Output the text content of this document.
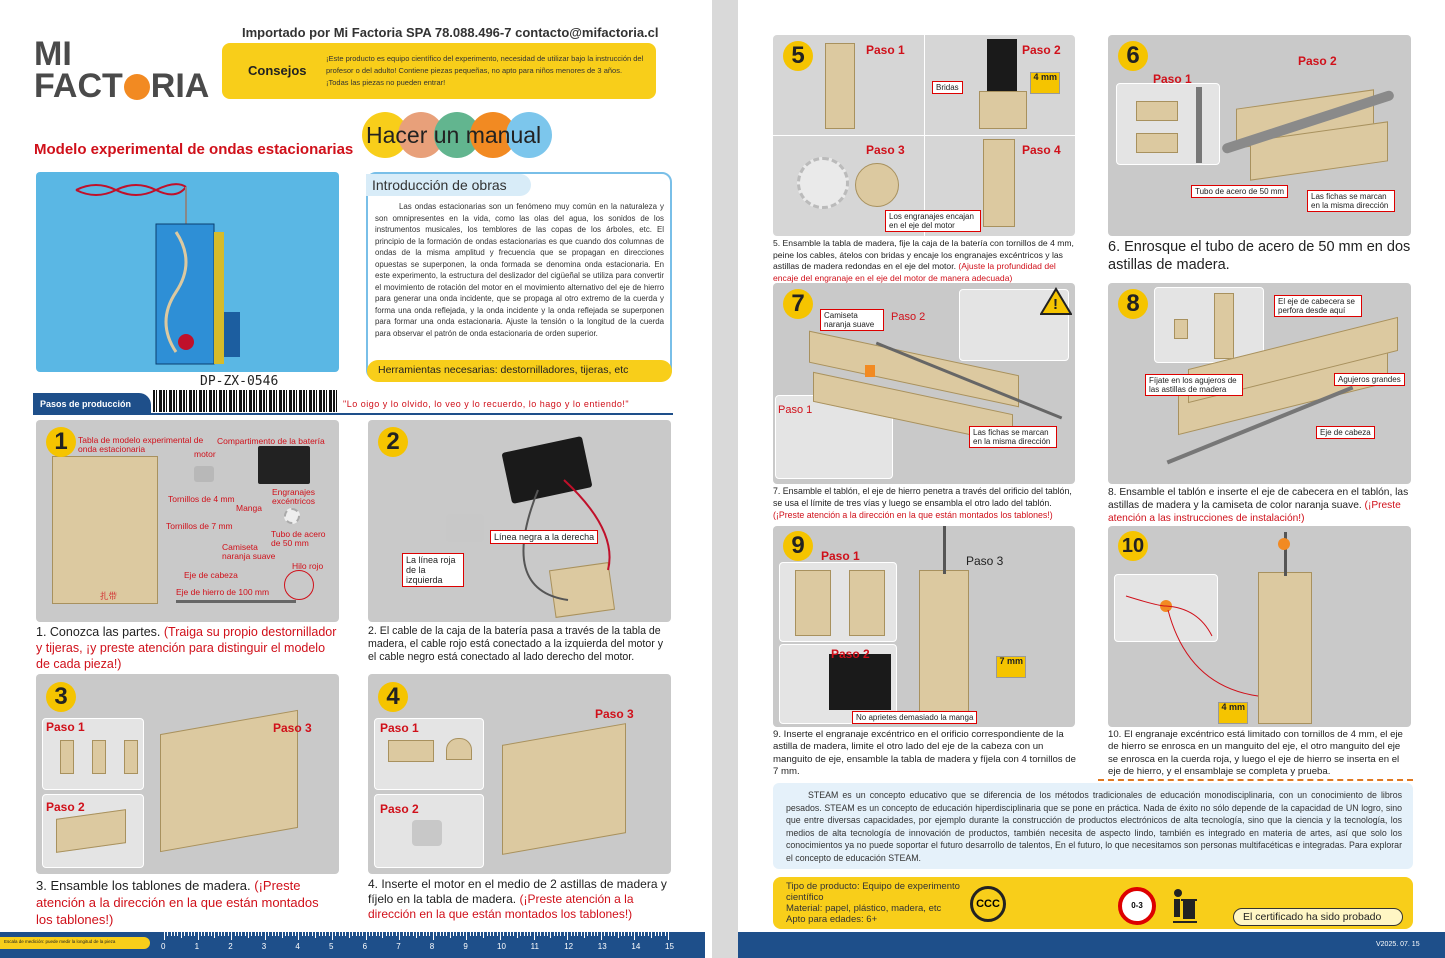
Importado por Mi Factoria SPA 78.088.496-7 contacto@mifactoria.cl
MI
FACT RIA	Consejos
¡Este producto es equipo científico del experimento, necesidad de utilizar bajo la instrucción del profesor o del adulto! Contiene piezas pequeñas, no apto para niños menores de 3 años. ¡Todas las piezas no pueden entrar!
Modelo experimental de ondas estacionarias
Hacer un manual
Introducción de obras
Las ondas estacionarias son un fenómeno muy común en la naturaleza y son omnipresentes en la vida, como las olas del agua, los sonidos de los instrumentos musicales, los temblores de las copas de los árboles, etc. El principio de la formación de ondas estacionarias es que cuando dos columnas de ondas de la misma amplitud y frecuencia que se propagan en direcciones opuestas se superponen, la onda formada se denomina onda estacionaria. En este experimento, la estructura del deslizador del cigüeñal se utiliza para convertir el movimiento de rotación del motor en el movimiento alternativo del eje de hierro para generar una onda incidente, que se propaga al otro extremo de la cuerda y forma una onda reflejada, y la onda incidente y la onda reflejada se superponen para formar una onda estacionaria. Ajuste la tensión o la longitud de la cuerda para observar el patrón de onda estacionaria de orden superior.
Herramientas necesarias: destornilladores, tijeras, etc
DP-ZX-0546
Pasos de producción	"Lo oigo y lo olvido, lo veo y lo recuerdo, lo hago y lo entiendo!"
1	Tabla de modelo experimental de onda estacionaria
Compartimento de la batería
motor
Engranajes excéntricos
Tornillos de 4 mm
Manga
Tornillos de 7 mm
Tubo de acero de 50 mm
Camiseta naranja suave
Eje de cabeza
Hilo rojo
Eje de hierro de 100 mm
扎带
1. Conozca las partes. (Traiga su propio destornillador y tijeras, ¡y preste atención para distinguir el modelo de cada pieza!)
2
Línea negra a la derecha
La línea roja de la izquierda
2. El cable de la caja de la batería pasa a través de la tabla de madera, el cable rojo está conectado a la izquierda del motor y el cable negro está conectado al lado derecho del motor.
3
Paso 1
Paso 2
Paso 3
3. Ensamble los tablones de madera. (¡Preste atención a la dirección en la que están montados los tablones!)
4
Paso 1
Paso 2
Paso 3
4. Inserte el motor en el medio de 2 astillas de madera y fíjelo en la tabla de madera. (¡Preste atención a la dirección en la que están montados los tablones!)
Escala de medición: puede medir la longitud de la pieza
0	1	2	3	4	5	6	7	8	9	10	11	12	13	14	15
5	Paso 1	Paso 2
Paso 3	Paso 4
Bridas
4 mm
Los engranajes encajan en el eje del motor
5. Ensamble la tabla de madera, fije la caja de la batería con tornillos de 4 mm, peine los cables, átelos con bridas y encaje los engranajes excéntricos y las astillas de madera redondas en el eje del motor. (Ajuste la profundidad del encaje del engranaje en el eje del motor de manera adecuada)
6
Paso 1
Paso 2
Tubo de acero de 50 mm
Las fichas se marcan en la misma dirección
6. Enrosque el tubo de acero de 50 mm en dos astillas de madera.
7
Paso 1
Paso 2
Camiseta naranja suave
Las fichas se marcan en la misma dirección
!
7. Ensamble el tablón, el eje de hierro penetra a través del orificio del tablón, se usa el límite de tres vías y luego se ensambla el otro lado del tablón. (¡Preste atención a la dirección en la que están montados los tablones!)
8	El eje de cabecera se perfora desde aquí
Fíjate en los agujeros de las astillas de madera
Agujeros grandes
Eje de cabeza
8. Ensamble el tablón e inserte el eje de cabecera en el tablón, las astillas de madera y la camiseta de color naranja suave. (¡Preste atención a las instrucciones de instalación!)
9	Paso 1
Paso 2
Paso 3
7 mm
No aprietes demasiado la manga
9. Inserte el engranaje excéntrico en el orificio correspondiente de la astilla de madera, limite el otro lado del eje de la cabeza con un manguito de eje, ensamble la tabla de madera y fíjela con 4 tornillos de 7 mm.
10
4 mm
10. El engranaje excéntrico está limitado con tornillos de 4 mm, el eje de hierro se enrosca en un manguito del eje, el otro manguito del eje se enrosca en la cuerda roja, y luego el eje de hierro se inserta en el eje de hierro, y el ensamblaje se completa y prueba.
STEAM es un concepto educativo que se diferencia de los métodos tradicionales de educación monodisciplinaria, con un conocimiento de libros pesados. STEAM es un concepto de educación hiperdisciplinaria que se pone en práctica. Nada de éxito no sólo depende de la capacidad de UN logro, sino que entre diversas capacidades, por ejemplo durante la construcción de productos electrónicos de alta tecnología, sino que la ciencia y la tecnología, los medios de alta tecnología de innovación de productos, también necesita de aspecto lindo, también es integrado en materia de artes, así que solo los conocimientos ya no puede soportar el futuro desarrollo de talentos, En el futuro, lo que necesitamos son personas multifacéticas e integradas. Para explorar el concepto de educación STEAM.
Tipo de producto: Equipo de experimento científico
Material: papel, plástico, madera, etc
Apto para edades: 6+
CCC	0-3
El certificado ha sido probado
V2025. 07. 15
